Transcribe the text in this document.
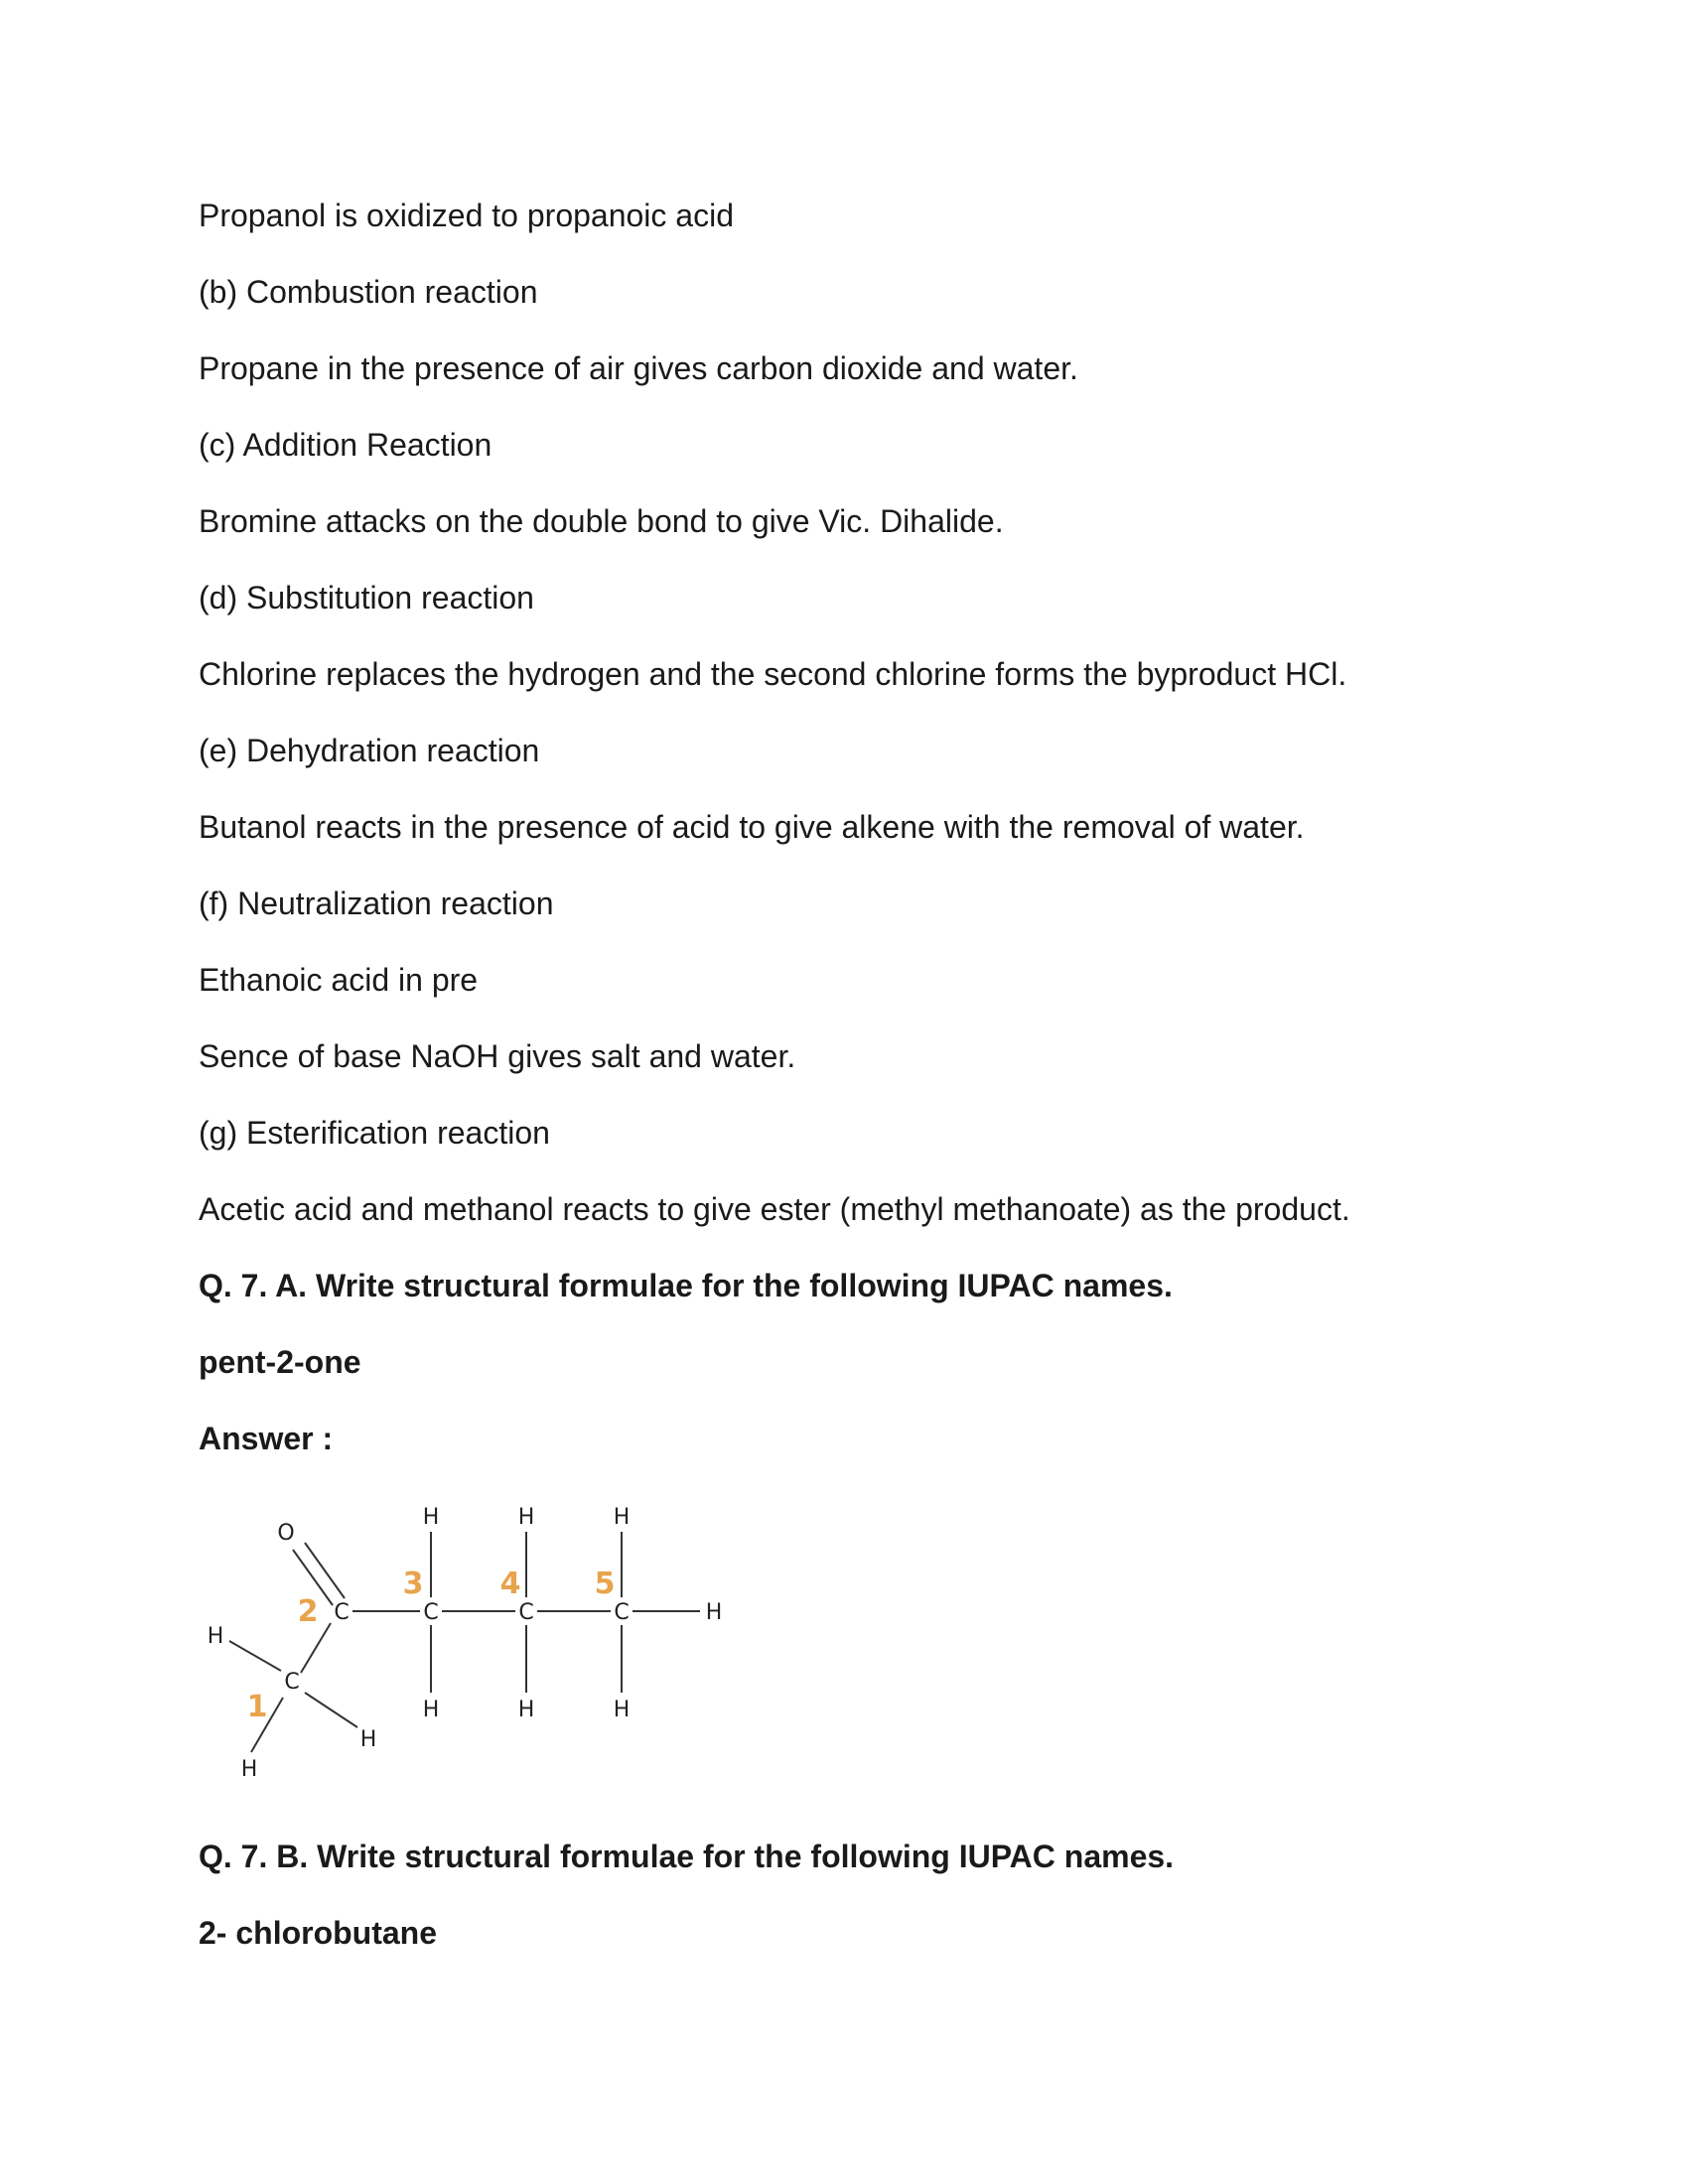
Propanol is oxidized to propanoic acid
(b) Combustion reaction
Propane in the presence of air gives carbon dioxide and water.
(c) Addition Reaction
Bromine attacks on the double bond to give Vic. Dihalide.
(d) Substitution reaction
Chlorine replaces the hydrogen and the second chlorine forms the byproduct HCl.
(e) Dehydration reaction
Butanol reacts in the presence of acid to give alkene with the removal of water.
(f) Neutralization reaction
Ethanoic acid in pre
Sence of base NaOH gives salt and water.
(g) Esterification reaction
Acetic acid and methanol reacts to give ester (methyl methanoate) as the product.
Q. 7. A. Write structural formulae for the following IUPAC names.
pent-2-one
Answer :
O
C	C	C	C
C
H	H	H
H	H	H
H
H
H
H
1
2
3	4 5
Q. 7. B. Write structural formulae for the following IUPAC names.
2- chlorobutane
